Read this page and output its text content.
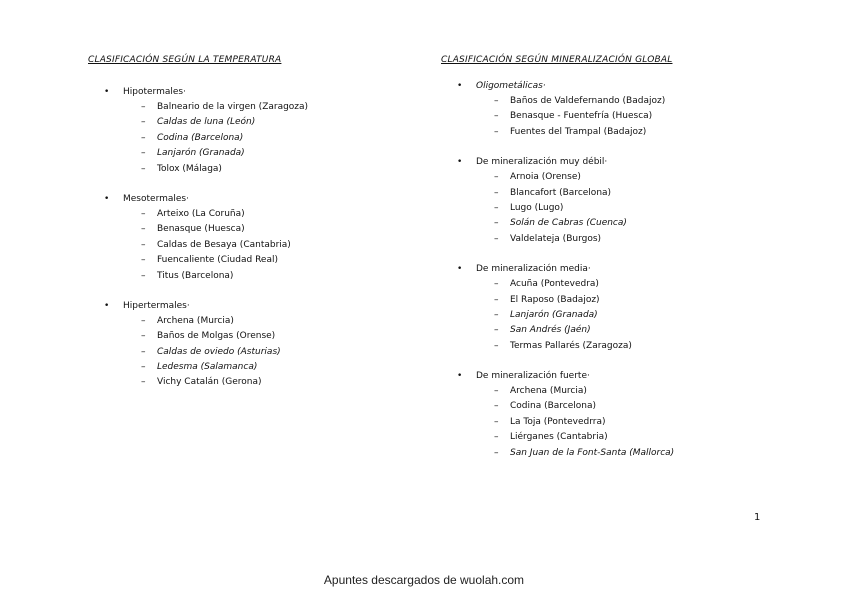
CLASIFICACIÓN SEGÚN LA TEMPERATURA
• Hipotermales·
– Balneario de la virgen (Zaragoza)
– Caldas de luna (León)
– Codina (Barcelona)
– Lanjarón (Granada)
– Tolox (Málaga)
• Mesotermales·
– Arteixo (La Coruña)
– Benasque (Huesca)
– Caldas de Besaya (Cantabria)
– Fuencaliente (Ciudad Real)
– Titus (Barcelona)
• Hipertermales·
– Archena (Murcia)
– Baños de Molgas (Orense)
– Caldas de oviedo (Asturias)
– Ledesma (Salamanca)
– Vichy Catalán (Gerona)
CLASIFICACIÓN SEGÚN MINERALIZACIÓN GLOBAL
• Oligometálicas·
– Baños de Valdefernando (Badajoz)
– Benasque - Fuentefría (Huesca)
– Fuentes del Trampal (Badajoz)
• De mineralización muy débil·
– Arnoia (Orense)
– Blancafort (Barcelona)
– Lugo (Lugo)
– Solán de Cabras (Cuenca)
– Valdelateja (Burgos)
• De mineralización media·
– Acuña (Pontevedra)
– El Raposo (Badajoz)
– Lanjarón (Granada)
– San Andrés (Jaén)
– Termas Pallarés (Zaragoza)
• De mineralización fuerte·
– Archena (Murcia)
– Codina (Barcelona)
– La Toja (Pontevedrra)
– Liérganes (Cantabria)
– San Juan de la Font-Santa (Mallorca)
1
Apuntes descargados de wuolah.com
